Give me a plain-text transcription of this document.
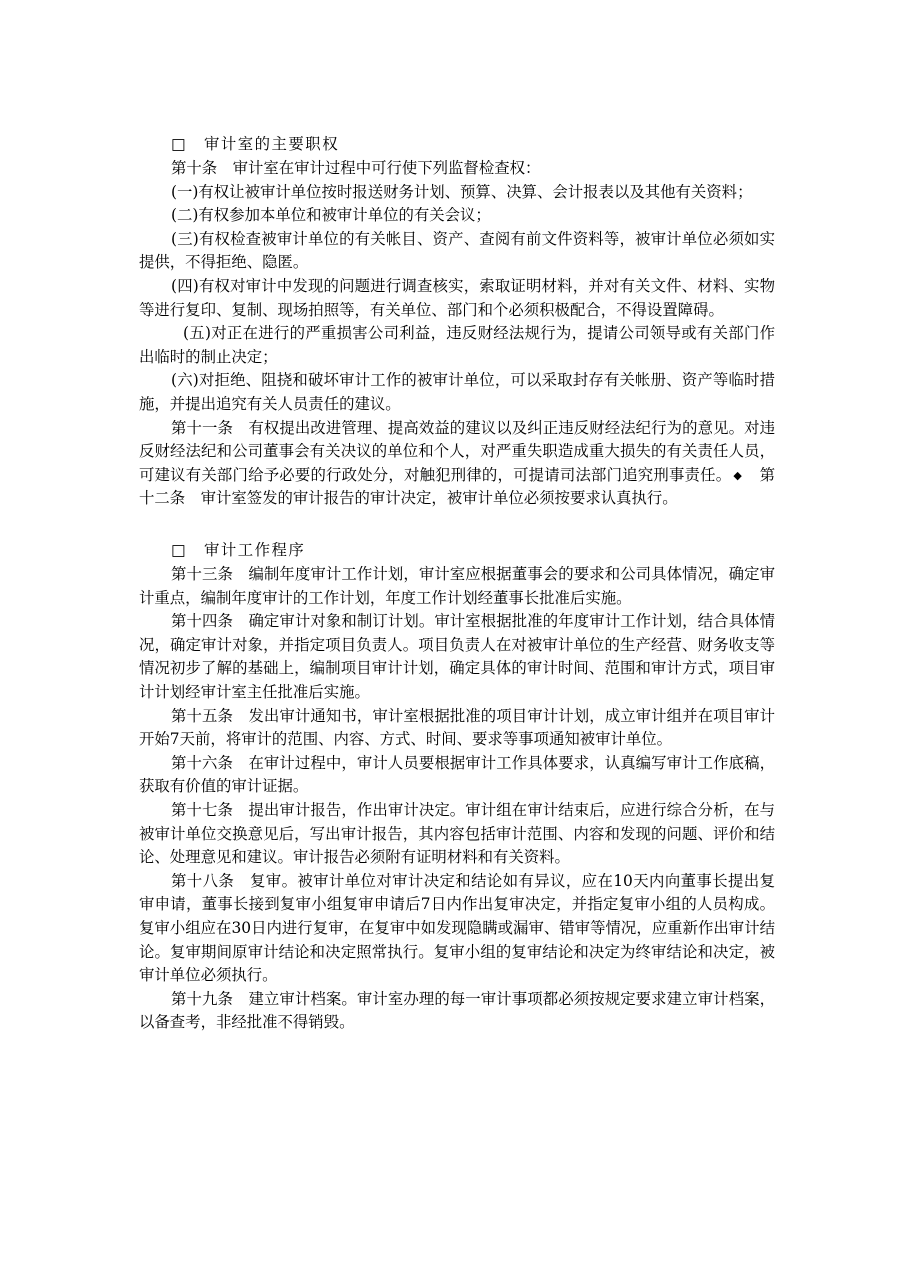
□　 审计室的主要职权

第十条　审计室在审计过程中可行使下列监督检查权：

(一)有权让被审计单位按时报送财务计划、预算、决算、会计报表以及其他有关资料；

(二)有权参加本单位和被审计单位的有关会议；

(三)有权检查被审计单位的有关帐目、资产、查阅有前文件资料等，被审计单位必须如实提供，不得拒绝、隐匿。

(四)有权对审计中发现的问题进行调查核实，索取证明材料，并对有关文件、材料、实物等进行复印、复制、现场拍照等，有关单位、部门和个必须积极配合，不得设置障碍。

(五)对正在进行的严重损害公司利益，违反财经法规行为，提请公司领导或有关部门作出临时的制止决定；

(六)对拒绝、阻挠和破坏审计工作的被审计单位，可以采取封存有关帐册、资产等临时措施，并提出追究有关人员责任的建议。

第十一条　有权提出改进管理、提高效益的建议以及纠正违反财经法纪行为的意见。对违反财经法纪和公司董事会有关决议的单位和个人，对严重失职造成重大损失的有关责任人员，可建议有关部门给予必要的行政处分，对触犯刑律的，可提请司法部门追究刑事责任。 ◆　 第十二条　审计室签发的审计报告的审计决定，被审计单位必须按要求认真执行。

□　 审计工作程序

第十三条　编制年度审计工作计划，审计室应根据董事会的要求和公司具体情况，确定审计重点，编制年度审计的工作计划，年度工作计划经董事长批准后实施。

第十四条　确定审计对象和制订计划。审计室根据批准的年度审计工作计划，结合具体情况，确定审计对象，并指定项目负责人。项目负责人在对被审计单位的生产经营、财务收支等情况初步了解的基础上，编制项目审计计划，确定具体的审计时间、范围和审计方式，项目审计计划经审计室主任批准后实施。

第十五条　发出审计通知书，审计室根据批准的项目审计计划，成立审计组并在项目审计开始7天前，将审计的范围、内容、方式、时间、要求等事项通知被审计单位。

第十六条　在审计过程中，审计人员要根据审计工作具体要求，认真编写审计工作底稿，获取有价值的审计证据。

第十七条　提出审计报告，作出审计决定。审计组在审计结束后，应进行综合分析，在与被审计单位交换意见后，写出审计报告，其内容包括审计范围、内容和发现的问题、评价和结论、处理意见和建议。审计报告必须附有证明材料和有关资料。

第十八条　复审。被审计单位对审计决定和结论如有异议，应在10天内向董事长提出复审申请，董事长接到复审小组复审申请后7日内作出复审决定，并指定复审小组的人员构成。复审小组应在30日内进行复审，在复审中如发现隐瞒或漏审、错审等情况，应重新作出审计结论。复审期间原审计结论和决定照常执行。复审小组的复审结论和决定为终审结论和决定，被审计单位必须执行。

第十九条　建立审计档案。审计室办理的每一审计事项都必须按规定要求建立审计档案，以备查考，非经批准不得销毁。
